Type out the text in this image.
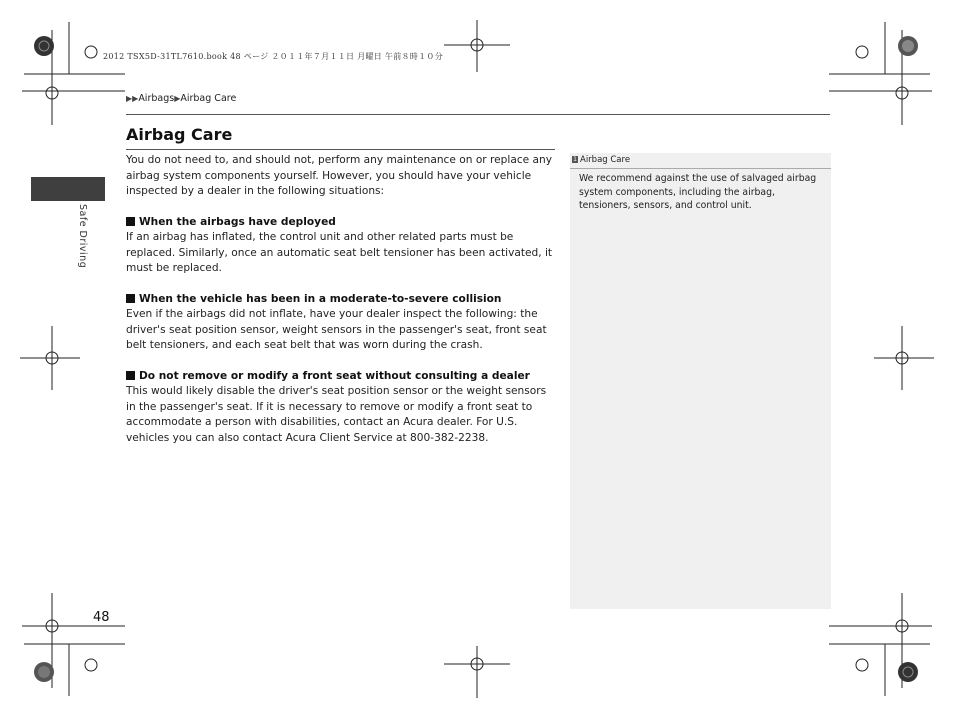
2012 TSX5D-31TL7610.book 48 ページ ２０１１年７月１１日 月曜日 午前８時１０分
▶▶Airbags▶Airbag Care
Airbag Care
Safe Driving

You do not need to, and should not, perform any maintenance on or replace any airbag system components yourself. However, you should have your vehicle inspected by a dealer in the following situations:

When the airbags have deployed

If an airbag has inflated, the control unit and other related parts must be replaced. Similarly, once an automatic seat belt tensioner has been activated, it must be replaced.

When the vehicle has been in a moderate-to-severe collision

Even if the airbags did not inflate, have your dealer inspect the following: the driver's seat position sensor, weight sensors in the passenger's seat, front seat belt tensioners, and each seat belt that was worn during the crash.

Do not remove or modify a front seat without consulting a dealer

This would likely disable the driver's seat position sensor or the weight sensors in the passenger's seat. If it is necessary to remove or modify a front seat to accommodate a person with disabilities, contact an Acura dealer. For U.S. vehicles you can also contact Acura Client Service at 800-382-2238.

1 Airbag Care

We recommend against the use of salvaged airbag system components, including the airbag, tensioners, sensors, and control unit.

48
